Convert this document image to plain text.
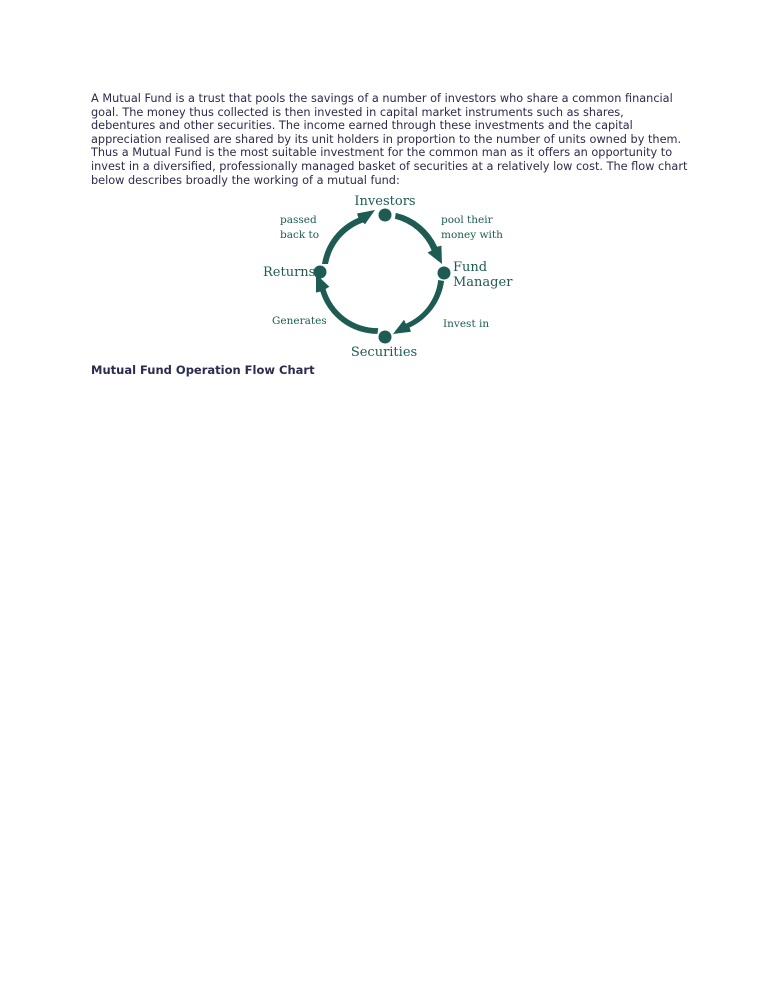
A Mutual Fund is a trust that pools the savings of a number of investors who share a common financial goal. The money thus collected is then invested in capital market instruments such as shares, debentures and other securities. The income earned through these investments and the capital appreciation realised are shared by its unit holders in proportion to the number of units owned by them. Thus a Mutual Fund is the most suitable investment for the common man as it offers an opportunity to invest in a diversified, professionally managed basket of securities at a relatively low cost. The flow chart below describes broadly the working of a mutual fund:

Investors
Fund
Manager
Securities
Returns
pool their
money with
Invest in
Generates
passed
back to

Mutual Fund Operation Flow Chart
